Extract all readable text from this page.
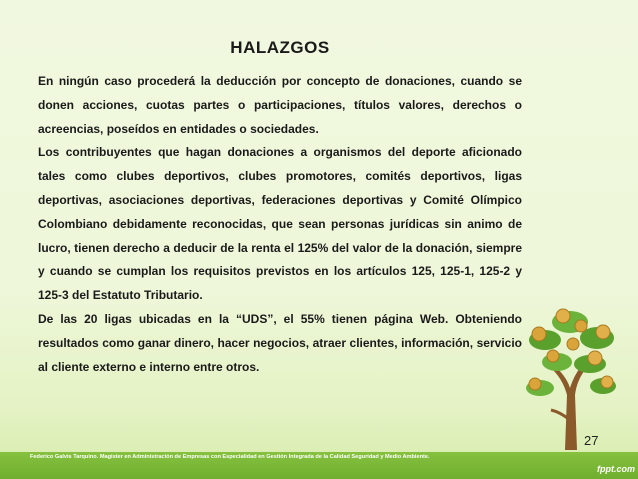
HALAZGOS

En ningún caso procederá la deducción por concepto de donaciones, cuando se donen acciones, cuotas partes o participaciones, títulos valores, derechos o acreencias, poseídos en entidades o sociedades.

Los contribuyentes que hagan donaciones a organismos del deporte aficionado tales como clubes deportivos, clubes promotores, comités deportivos, ligas deportivas, asociaciones deportivas, federaciones deportivas y Comité Olímpico Colombiano debidamente reconocidas, que sean personas jurídicas sin animo de lucro, tienen derecho a deducir de la renta el 125% del valor de la donación, siempre y cuando se cumplan los requisitos previstos en los artículos 125, 125-1, 125-2 y 125-3 del Estatuto Tributario.

De las 20 ligas ubicadas en la “UDS”, el 55% tienen página Web. Obteniendo resultados como ganar dinero, hacer negocios, atraer clientes, información, servicio al cliente externo e interno entre otros.

27
Federico Galvis Tarquino. Magister en Administración de Empresas con Especialidad en Gestión Integrada de la Calidad Seguridad y Medio Ambiente.
fppt.com
